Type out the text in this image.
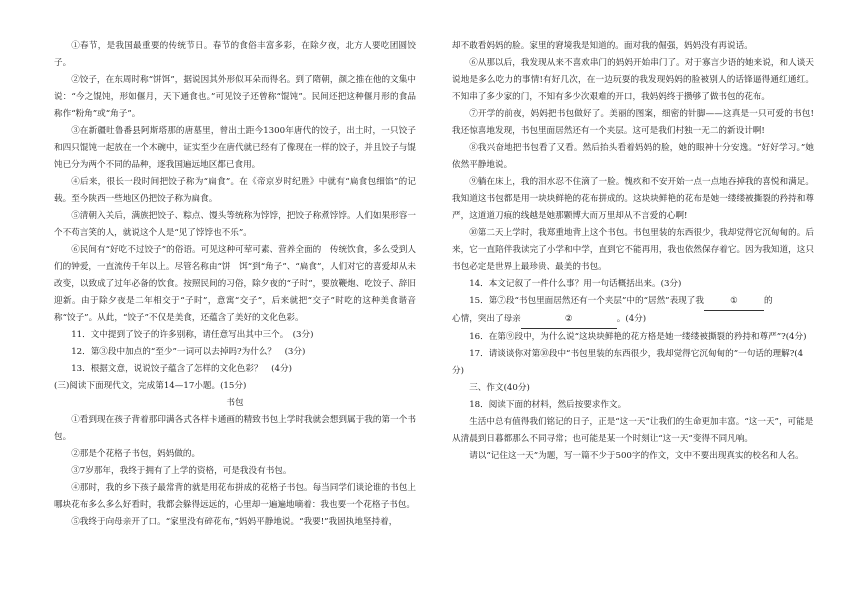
①春节，是我国最重要的传统节日。春节的食俗丰富多彩，在除夕夜，北方人要吃团圆饺子。

②饺子，在东周时称“饼饵”，据说因其外形似耳朵而得名。到了隋朝，颜之推在他的文集中说：“今之馄饨，形如偃月，天下通食也。”可见饺子还曾称“馄饨”。民间还把这种偃月形的食品称作“粉角”或“角子”。

③在新疆吐鲁番县阿斯塔那的唐墓里，曾出土距今1300年唐代的饺子，出土时，一只饺子和四只馄饨一起放在一个木碗中，证实至少在唐代就已经有了像现在一样的饺子，并且饺子与馄饨已分为两个不同的品种，逐我国遍远地区都已食用。

④后来，很长一段时间把饺子称为“扁食”。在《帝京岁时纪胜》中就有“扁食包细馅”的记载。至今陕西一些地区仍把饺子称为扁食。

⑤清朝入关后，满族把饺子、粽点、馒头等统称为饽饽，把饺子称煮饽饽。人们如果形容一个不苟言笑的人，就说这个人是“见了饽饽也不乐”。

⑥民间有“好吃不过饺子”的俗语。可见这种可荤可素、营养全面的　传统饮食，多么受到人们的钟爱，一直流传千年以上。尽管名称由“饼　饵”到“角子”、“扁食”，人们对它的喜爱却从未改变，以致成了过年必备的饮食。按照民间的习俗，除夕夜的“子时”，要放鞭炮、吃饺子、辞旧迎新。由于除夕夜是二年相交于“子时”，意寓“交子”，后来就把“交子”时吃的这种美食谐音称“饺子”。从此，“饺子”不仅是美食，还蕴含了美好的文化色彩。

11．文中提到了饺子的许多别称，请任意写出其中三个。　(3分)

12．第③段中加点的“至少”一词可以去掉吗?为什么？　(3分)

13．根据文意，说说饺子蕴含了怎样的文化色彩？　(4分)

(三)阅读下面现代文，完成第14—17小题。(15分)

书包

①看到现在孩子背着那印满各式各样卡通画的精致书包上学时我就会想到属于我的第一个书包。

②那是个花格子书包，妈妈做的。

③7岁那年，我终于拥有了上学的资格，可是我没有书包。

④那时，我的乡下孩子最常背的就是用花布拼成的花格子书包。每当同学们谈论谁的书包上哪块花布多么多么好看时，我都会躲得远远的，心里却一遍遍地嘀着：我也要一个花格子书包。

⑤我终于向母亲开了口。“家里没有碎花布，”妈妈平静地说。“我要!”我固执地坚持着，

却不敢看妈妈的脸。家里的窘境我是知道的。面对我的倔强，妈妈没有再说话。

⑥从那以后，我发现从来不喜欢串门的妈妈开始串门了。对于寡言少语的她来说，和人谈天说地是多么吃力的事情!有好几次，在一边玩耍的我发现妈妈的脸被别人的话锋逼得通红通红。不知串了多少家的门，不知有多少次艰难的开口，我妈妈终于攒够了做书包的花布。

⑦开学的前夜，妈妈把书包做好了。美丽的图案，细密的针脚——这真是一只可爱的书包!我还惊喜地发现，书包里面居然还有一个夹层。这可是我们村独一无二的新设计啊!

⑧我兴奋地把书包看了又看。然后抬头看着妈妈的脸，她的眼神十分安逸。“好好学习。”她依然平静地说。

⑨躺在床上，我的泪水忍不住滴了一脸。愧疚和不安开始一点一点地吞掉我的喜悦和满足。我知道这书包都是用一块块鲜艳的花布拼成的。这块块鲜艳的花布是她一缕缕被撕裂的矜持和尊严，这道道刀痕的线越是她那颗博大而万里却从不言爱的心啊!

⑩第二天上学时，我郑重地背上这个书包。书包里装的东西很少，我却觉得它沉甸甸的。后来，它一直陪伴我读完了小学和中学，直到它不能再用，我也依然保存着它。因为我知道，这只书包必定是世界上最珍贵、最美的书包。

14．本文记叙了一件什么事？用一句话概括出来。(3分)

15．第⑦段“书包里面居然还有一个夹层”中的“居然”表现了我	①	的

心情，突出了母亲	②	。(4分)

16．在第⑨段中，为什么说“这块块鲜艳的花方格是她一缕缕被撕裂的矜持和尊严”?(4分)

17．请谈谈你对第⑩段中“书包里装的东西很少，我却觉得它沉甸甸的”一句话的理解?(4分)

三、作文(40分)

18．阅读下面的材料，然后按要求作文。

生活中总有值得我们铭记的日子，正是“这一天”让我们的生命更加丰富。“这一天”，可能是从清晨到日暮都那么不同寻常；也可能是某一个时刻让“这一天”变得不同凡响。

请以“记住这一天”为题，写一篇不少于500字的作文，文中不要出现真实的校名和人名。
